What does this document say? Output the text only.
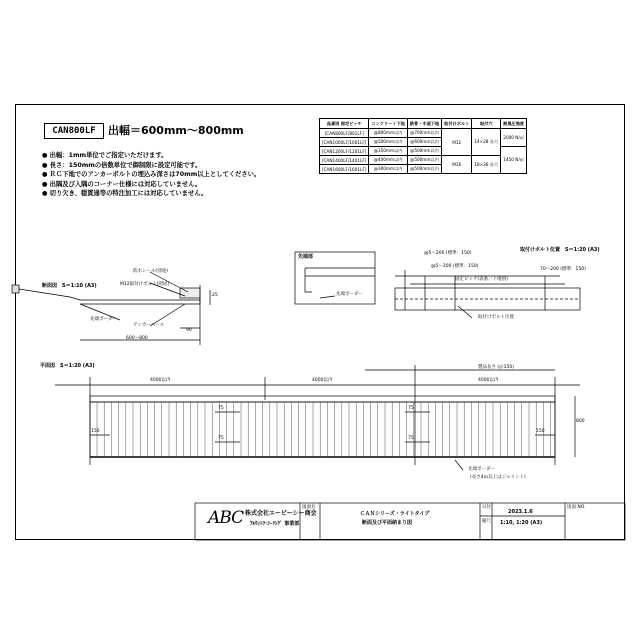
CAN800LF	出幅＝600mm～800mm
● 出幅：1mm単位でご指定いただけます。
● 長さ：150mmの倍数単位で御制限に設定可能です。
● ＲＣ下地でのアンカーボルトの埋込み深さは70mm以上としてください。
● 出隅及び入隅のコーナー仕様には対応していません。
● 切り欠き、穏貫通等の特注加工には対応していません。
品番別 固定ピッチ	コンクリート下地	鉄骨・木造下地	取付けボルト	取付穴	耐風圧強度
[CAN800LF/801LF]	@800mm以内	@700mm以内	M12	14×28 長穴	2000 N/㎡
[CAN1000LF/1001LF]	@500mm以内	@600mm以内			
[CAN1200LF/1201LF]	@350mm以内	@500mm以内			1450 N/㎡
[CAN1400LF/1401LF]	@400mm以内	@500mm以内	M16	18×36 長穴	
[CAN1600LF/1601LF]	@300mm以内	@500mm以内			
断面図　S＝1:10 (A3)
防水シール(別途)
M12取付けボルト(別途)
先端ボーダー
アンカーベース
600～800
90
25
先端部
先端ボーダー
取付けボルト位置　S＝1:20 (A3)
@5～200 (標準：150)
@5～200 (標準：150)
70～200 (標準：150)
固定ピッチ(表番／下地別)
取付けボルト位置
平面図　S＝1:20 (A3)	製品長さ (＠150)
4000以内	4000以内	4000以内
75
75
75
75
150	150
800
先端ボーダー
(長さ4ｍ以上はジョイント)
ABC 株式会社エービーシー商会
ｱﾙｳｨﾄﾗ･ｼｰﾘﾝｸﾞ 事業部
図面名
ＣＡＮシリーズ・ライトタイプ
断面及び平面納まり図
日付
2023.1.6
縮尺 1:10, 1:20 (A3)
図面 NO.
